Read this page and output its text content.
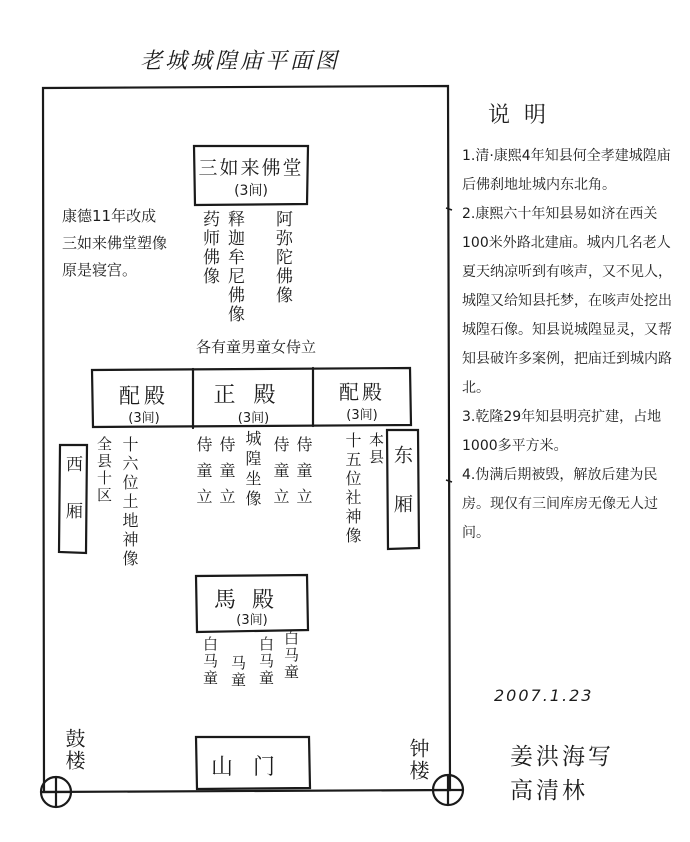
老城城隍庙平面图
三如来佛堂
(3间)
药师佛像 释迦牟尼佛像 阿弥陀佛像
康德11年改成
三如来佛堂塑像
原是寝宫。
各有童男童女侍立
配殿
(3间)
正殿
(3间)
配殿
(3间)
西厢	东厢
全县十区 十六位土地神像	侍童立 侍童立 城隍坐像 侍童立 侍童立	本县
十五位社神像
馬殿
(3间)
白马童 马童 白马童 白马童
山门
鼓楼	钟楼
说明

1.清·康熙4年知县何全孝建城隍庙后佛刹地址城内东北角。

2.康熙六十年知县易如济在西关100米外路北建庙。城内几名老人夏天纳凉听到有咳声，又不见人，城隍又给知县托梦，在咳声处挖出城隍石像。知县说城隍显灵，又帮知县破许多案例，把庙迁到城内路北。

3.乾隆29年知县明亮扩建，占地1000多平方米。

4.伪满后期被毁，解放后建为民房。现仅有三间库房无像无人过问。

2007.1.23
姜洪海写
高清林
